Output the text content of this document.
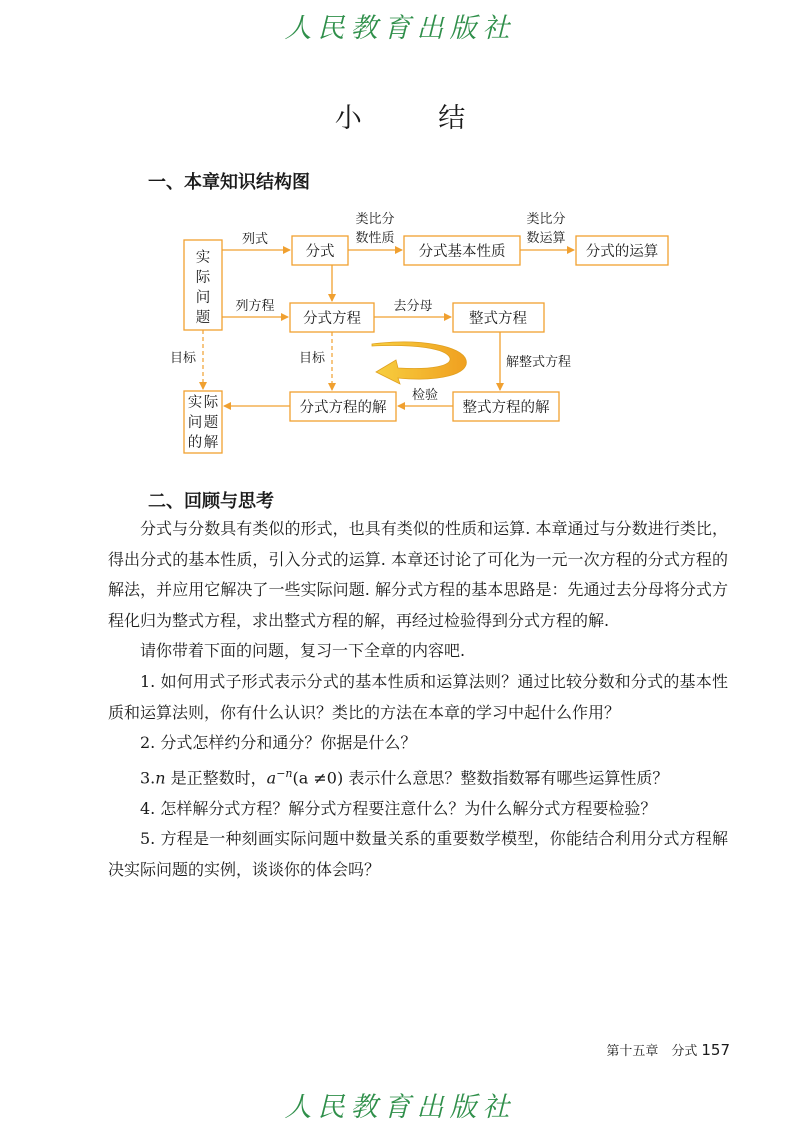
人民教育出版社
小 结
一、本章知识结构图
实
际
问
题
分式	分式基本性质	分式的运算
分式方程	整式方程
整式方程的解
分式方程的解
实 际
问 题
的 解
列式
类比分
数性质
类比分
数运算
列方程	去分母
解整式方程
检验
目标	目标
二、回顾与思考

分式与分数具有类似的形式，也具有类似的性质和运算. 本章通过与分数进行类比，得出分式的基本性质，引入分式的运算. 本章还讨论了可化为一元一次方程的分式方程的解法，并应用它解决了一些实际问题. 解分式方程的基本思路是：先通过去分母将分式方程化归为整式方程，求出整式方程的解，再经过检验得到分式方程的解.

请你带着下面的问题，复习一下全章的内容吧.

1. 如何用式子形式表示分式的基本性质和运算法则？通过比较分数和分式的基本性质和运算法则，你有什么认识？类比的方法在本章的学习中起什么作用？

2. 分式怎样约分和通分？你据是什么？

3.n 是正整数时，$a^{-n}(a \ne 0)$ 表示什么意思？整数指数幂有哪些运算性质？

4. 怎样解分式方程？解分式方程要注意什么？为什么解分式方程要检验？

5. 方程是一种刻画实际问题中数量关系的重要数学模型，你能结合利用分式方程解决实际问题的实例，谈谈你的体会吗？

第十五章　分式 157
人民教育出版社
